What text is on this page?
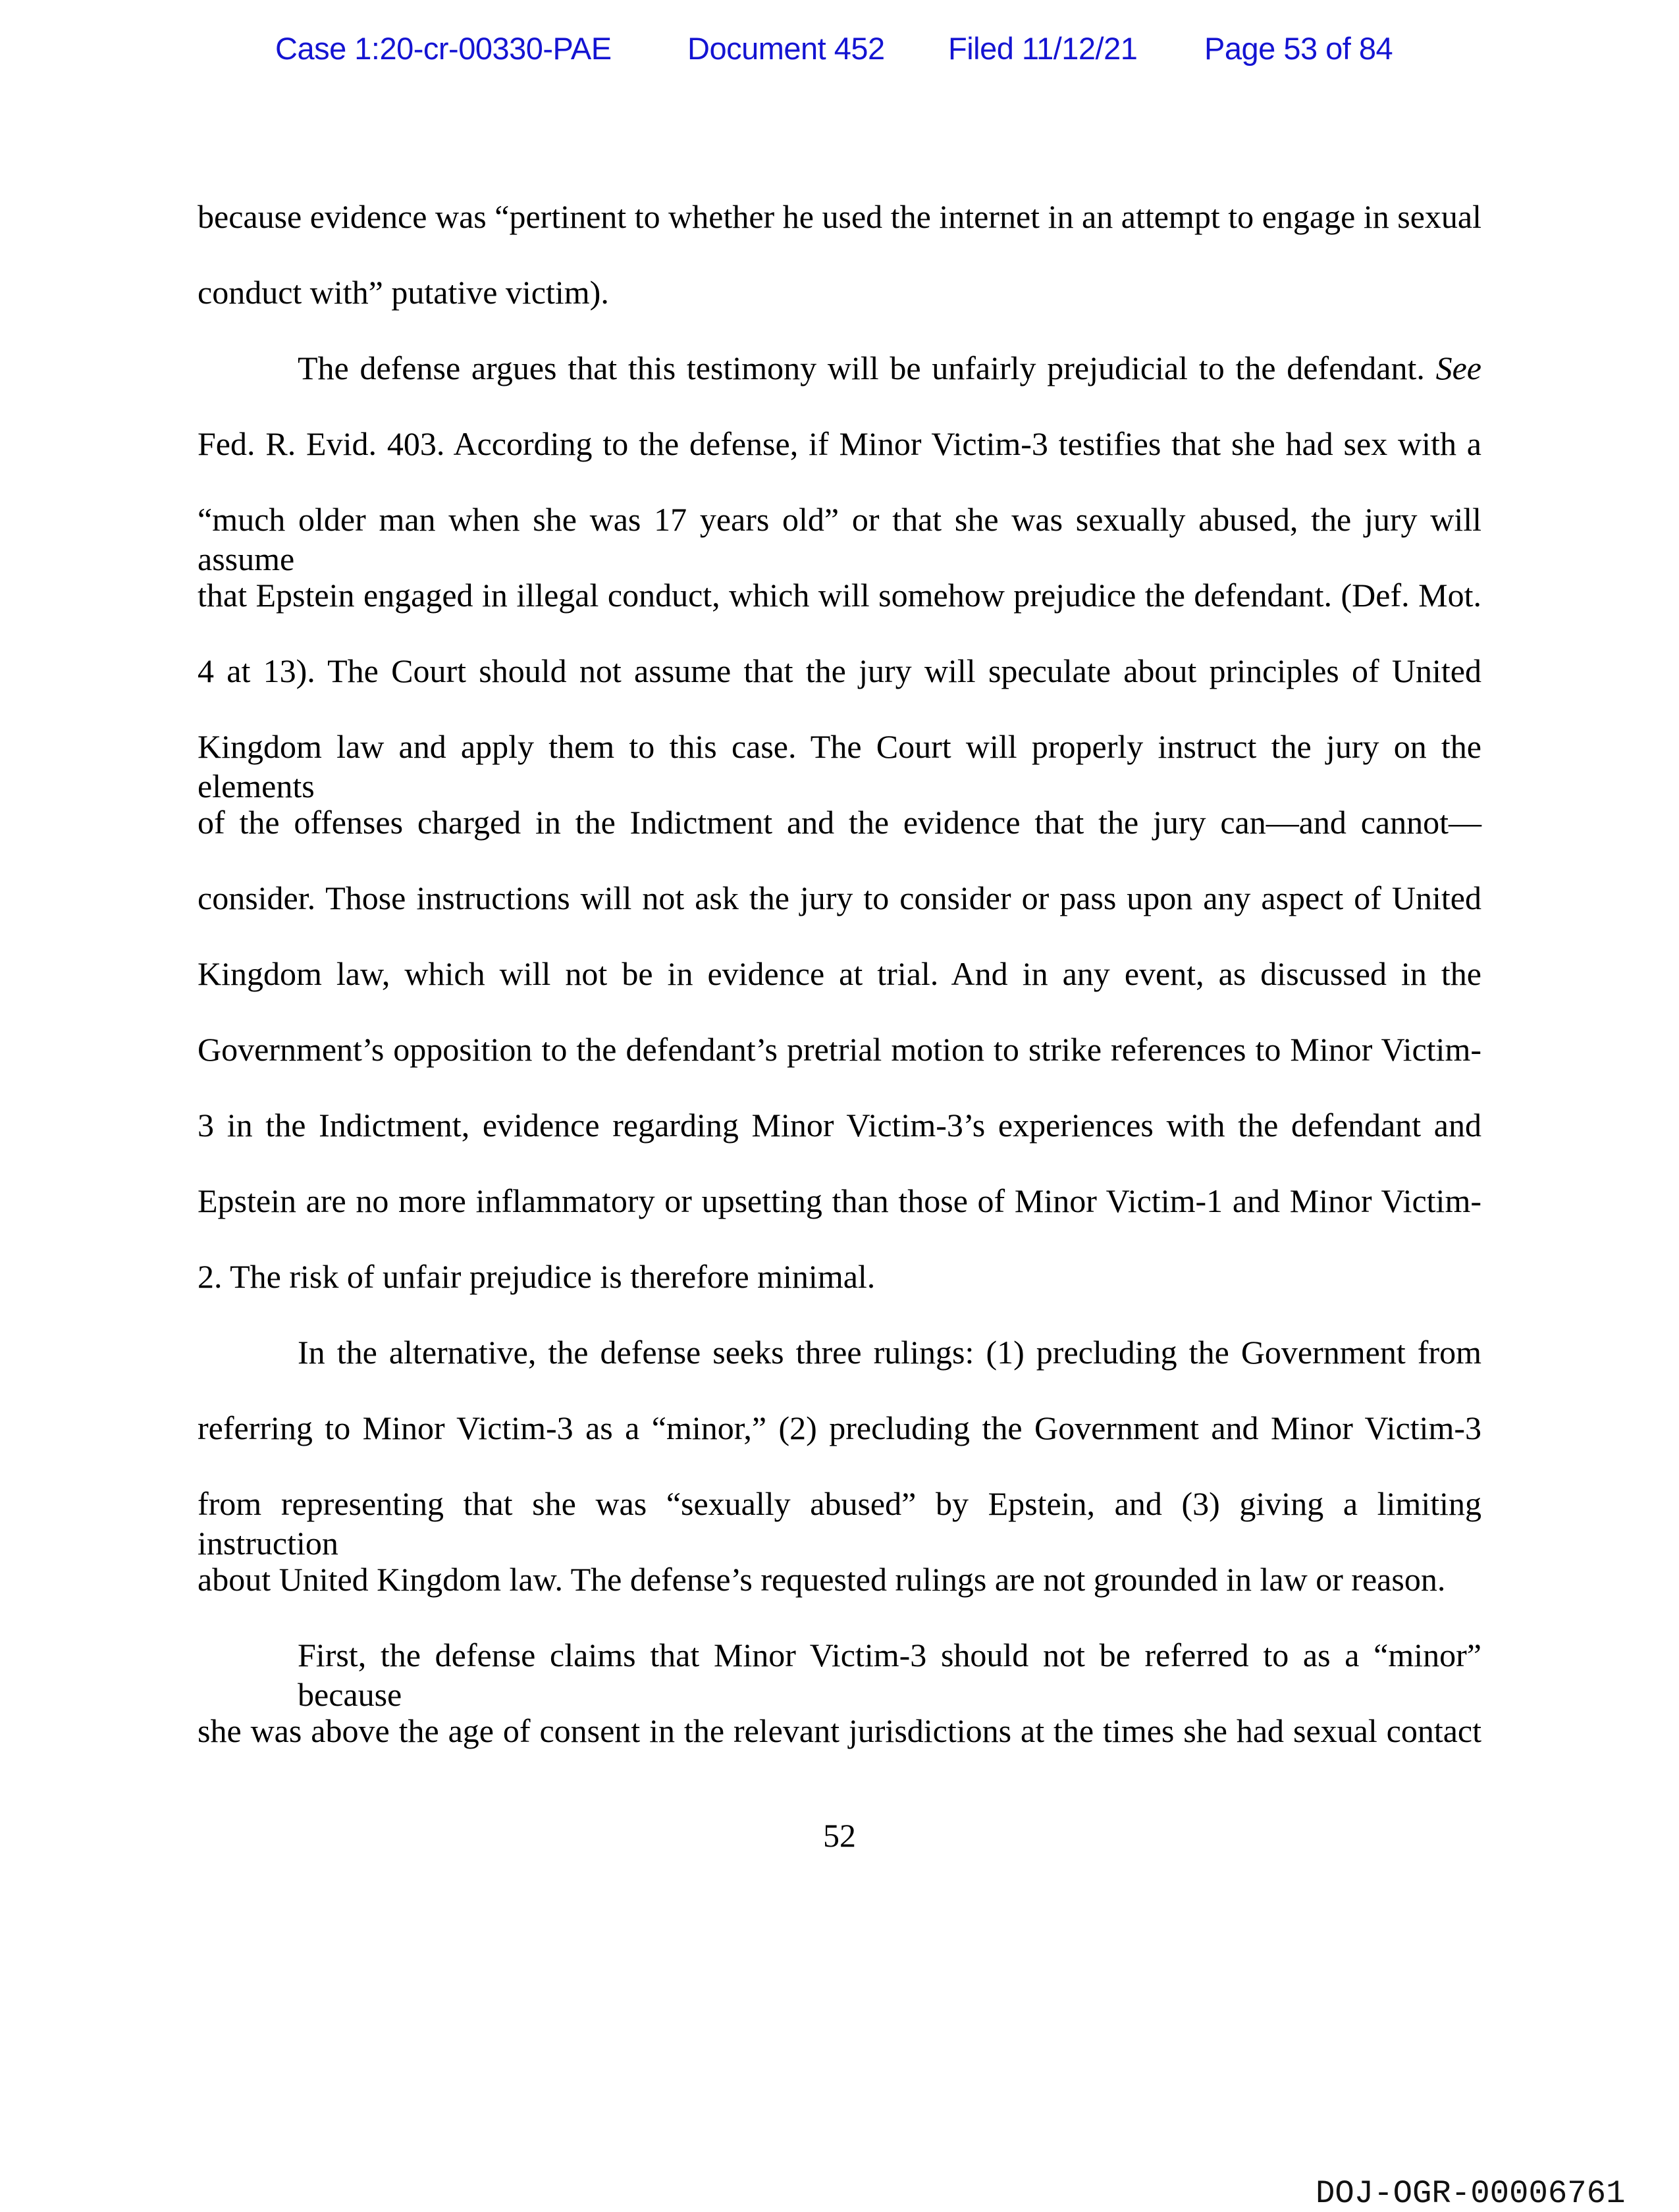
Case 1:20-cr-00330-PAE Document 452 Filed 11/12/21 Page 53 of 84
because evidence was “pertinent to whether he used the internet in an attempt to engage in sexual
conduct with” putative victim).
The defense argues that this testimony will be unfairly prejudicial to the defendant. See
Fed. R. Evid. 403. According to the defense, if Minor Victim-3 testifies that she had sex with a
“much older man when she was 17 years old” or that she was sexually abused, the jury will assume
that Epstein engaged in illegal conduct, which will somehow prejudice the defendant. (Def. Mot.
4 at 13). The Court should not assume that the jury will speculate about principles of United
Kingdom law and apply them to this case. The Court will properly instruct the jury on the elements
of the offenses charged in the Indictment and the evidence that the jury can—and cannot—
consider. Those instructions will not ask the jury to consider or pass upon any aspect of United
Kingdom law, which will not be in evidence at trial. And in any event, as discussed in the
Government’s opposition to the defendant’s pretrial motion to strike references to Minor Victim-
3 in the Indictment, evidence regarding Minor Victim-3’s experiences with the defendant and
Epstein are no more inflammatory or upsetting than those of Minor Victim-1 and Minor Victim-
2. The risk of unfair prejudice is therefore minimal.
In the alternative, the defense seeks three rulings: (1) precluding the Government from
referring to Minor Victim-3 as a “minor,” (2) precluding the Government and Minor Victim-3
from representing that she was “sexually abused” by Epstein, and (3) giving a limiting instruction
about United Kingdom law. The defense’s requested rulings are not grounded in law or reason.
First, the defense claims that Minor Victim-3 should not be referred to as a “minor” because
she was above the age of consent in the relevant jurisdictions at the times she had sexual contact
52
DOJ-OGR-00006761
